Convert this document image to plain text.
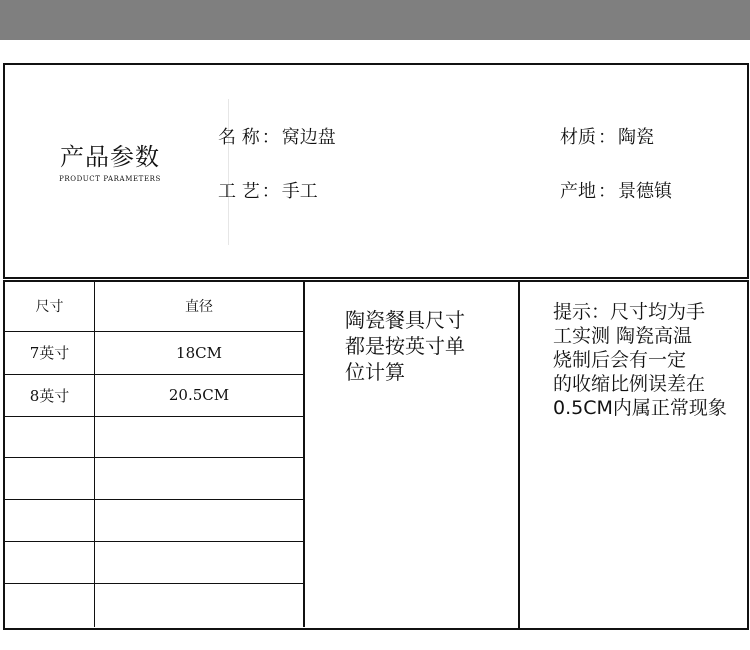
产品参数
PRODUCT PARAMETERS
名 称 ： 窝边盘	材质 ： 陶瓷
工 艺 ： 手工	产地 ： 景德镇
尺寸	直径
7英寸	18CM
8英寸	20.5CM

陶瓷餐具尺寸
都是按英寸单
位计算
提示：尺寸均为手
工实测 陶瓷高温
烧制后会有一定
的收缩比例误差在
0.5CM内属正常现象
